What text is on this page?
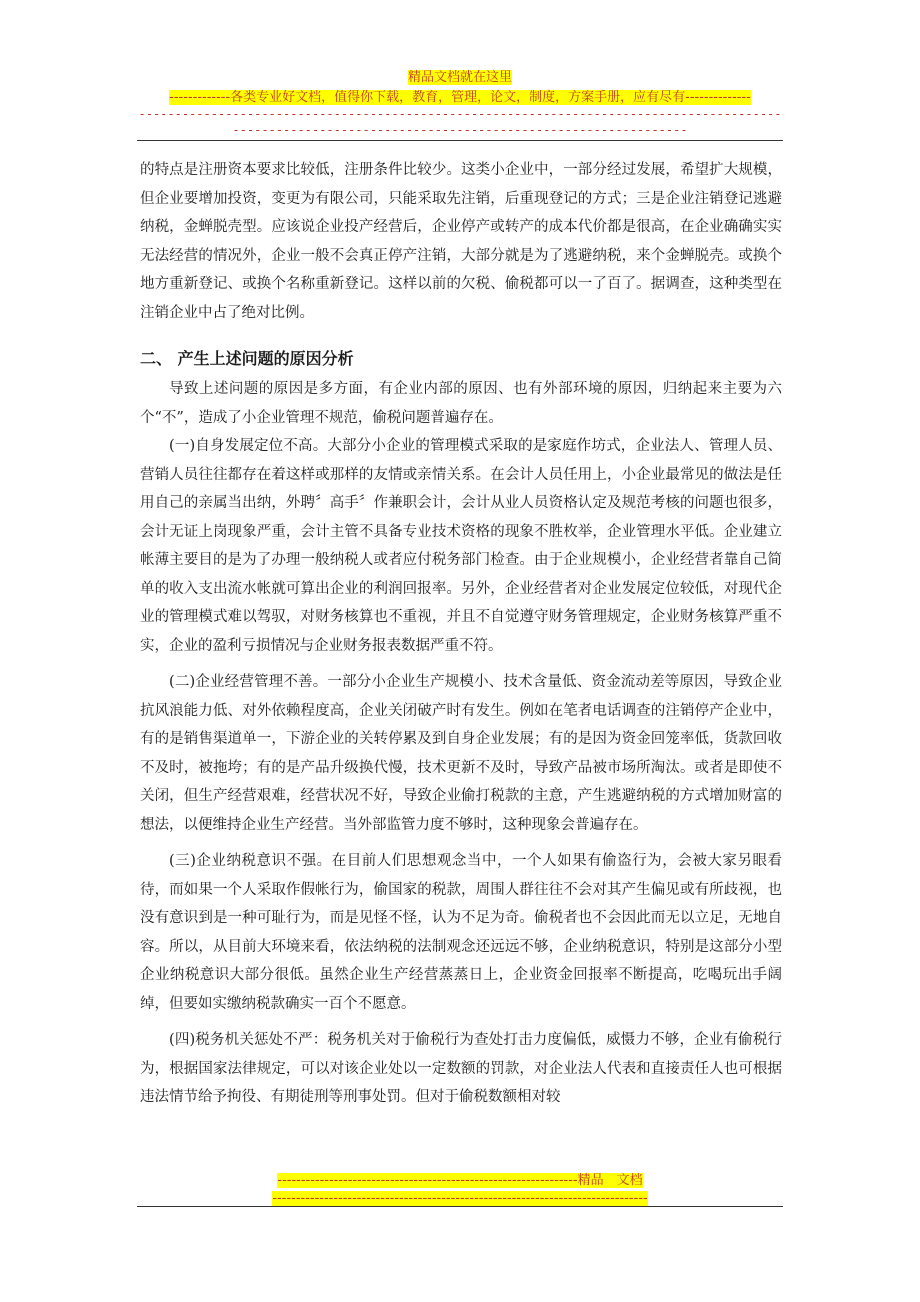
精品文档就在这里
-------------各类专业好文档，值得你下载，教育，管理，论文，制度，方案手册，应有尽有--------------
--------------------------------------------------------------------------------------------------------------------------------------------------------

的特点是注册资本要求比较低，注册条件比较少。这类小企业中，一部分经过发展，希望扩大规模，但企业要增加投资，变更为有限公司，只能采取先注销，后重现登记的方式；三是企业注销登记逃避纳税，金蝉脱壳型。应该说企业投产经营后，企业停产或转产的成本代价都是很高，在企业确确实实无法经营的情况外，企业一般不会真正停产注销，大部分就是为了逃避纳税，来个金蝉脱壳。或换个地方重新登记、或换个名称重新登记。这样以前的欠税、偷税都可以一了百了。据调查，这种类型在注销企业中占了绝对比例。

二、 产生上述问题的原因分析

导致上述问题的原因是多方面，有企业内部的原因、也有外部环境的原因，归纳起来主要为六个“不”，造成了小企业管理不规范，偷税问题普遍存在。

(一)自身发展定位不高。大部分小企业的管理模式采取的是家庭作坊式，企业法人、管理人员、营销人员往往都存在着这样或那样的友情或亲情关系。在会计人员任用上，小企业最常见的做法是任用自己的亲属当出纳，外聘〞高手〞作兼职会计，会计从业人员资格认定及规范考核的问题也很多，会计无证上岗现象严重，会计主管不具备专业技术资格的现象不胜枚举，企业管理水平低。企业建立帐薄主要目的是为了办理一般纳税人或者应付税务部门检查。由于企业规模小，企业经营者靠自己简单的收入支出流水帐就可算出企业的利润回报率。另外，企业经营者对企业发展定位较低，对现代企业的管理模式难以驾驭，对财务核算也不重视，并且不自觉遵守财务管理规定，企业财务核算严重不实，企业的盈利亏损情况与企业财务报表数据严重不符。

(二)企业经营管理不善。一部分小企业生产规模小、技术含量低、资金流动差等原因，导致企业抗风浪能力低、对外依赖程度高，企业关闭破产时有发生。例如在笔者电话调查的注销停产企业中，有的是销售渠道单一，下游企业的关转停累及到自身企业发展；有的是因为资金回笼率低，货款回收不及时，被拖垮；有的是产品升级换代慢，技术更新不及时，导致产品被市场所淘汰。或者是即使不关闭，但生产经营艰难，经营状况不好，导致企业偷打税款的主意，产生逃避纳税的方式增加财富的想法，以便维持企业生产经营。当外部监管力度不够时，这种现象会普遍存在。

(三)企业纳税意识不强。在目前人们思想观念当中，一个人如果有偷盗行为，会被大家另眼看待，而如果一个人采取作假帐行为，偷国家的税款，周围人群往往不会对其产生偏见或有所歧视，也没有意识到是一种可耻行为，而是见怪不怪，认为不足为奇。偷税者也不会因此而无以立足，无地自容。所以，从目前大环境来看，依法纳税的法制观念还远远不够，企业纳税意识，特别是这部分小型企业纳税意识大部分很低。虽然企业生产经营蒸蒸日上，企业资金回报率不断提高，吃喝玩出手阔绰，但要如实缴纳税款确实一百个不愿意。

(四)税务机关惩处不严：税务机关对于偷税行为查处打击力度偏低，威慑力不够，企业有偷税行为，根据国家法律规定，可以对该企业处以一定数额的罚款，对企业法人代表和直接责任人也可根据违法情节给予拘役、有期徒刑等刑事处罚。但对于偷税数额相对较

----------------------------------------------------------------精品　文档
--------------------------------------------------------------------------------
